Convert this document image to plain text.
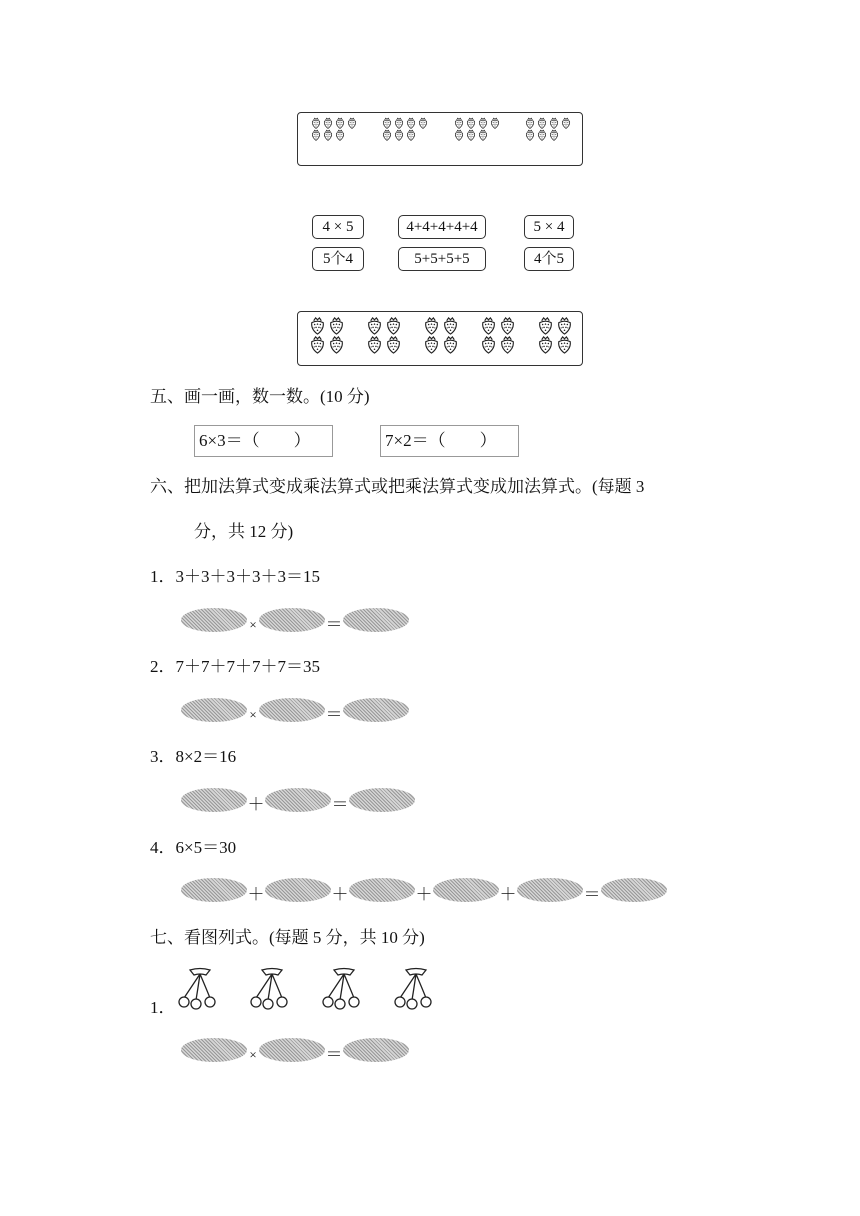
4 × 5	4+4+4+4+4	5 × 4
5个4	5+5+5+5	4个5
五、画一画，数一数。(10 分)
6×3＝（　　）	7×2＝（　　）
六、把加法算式变成乘法算式或把乘法算式变成加法算式。(每题 3
分，共 12 分)
1．3＋3＋3＋3＋3＝15
×	＝
2．7＋7＋7＋7＋7＝35
×	＝
3．8×2＝16
＋	＝
4．6×5＝30
＋	＋	＋	＋	＝
七、看图列式。(每题 5 分，共 10 分)
1．
×	＝
